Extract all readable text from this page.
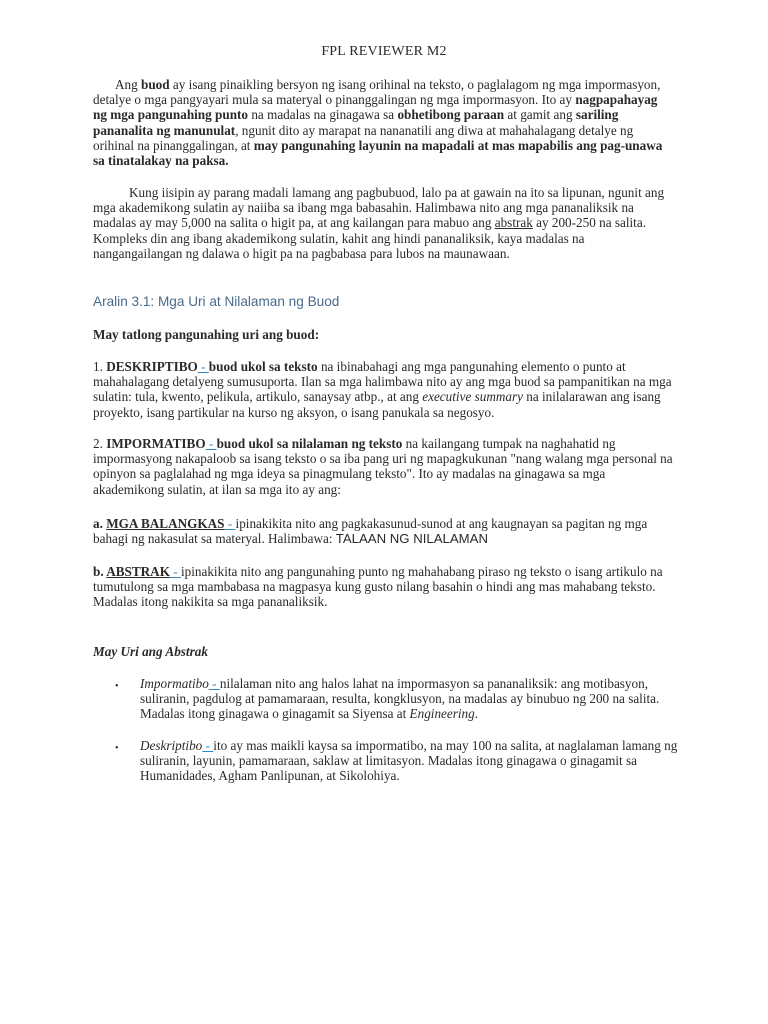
FPL REVIEWER M2

Ang buod ay isang pinaikling bersyon ng isang orihinal na teksto, o paglalagom ng mga impormasyon, detalye o mga pangyayari mula sa materyal o pinanggalingan ng mga impormasyon. Ito ay nagpapahayag ng mga pangunahing punto na madalas na ginagawa sa obhetibong paraan at gamit ang sariling pananalita ng manunulat, ngunit dito ay marapat na nananatili ang diwa at mahahalagang detalye ng orihinal na pinanggalingan, at may pangunahing layunin na mapadali at mas mapabilis ang pag-unawa sa tinatalakay na paksa.

Kung iisipin ay parang madali lamang ang pagbubuod, lalo pa at gawain na ito sa lipunan, ngunit ang mga akademikong sulatin ay naiiba sa ibang mga babasahin. Halimbawa nito ang mga pananaliksik na madalas ay may 5,000 na salita o higit pa, at ang kailangan para mabuo ang abstrak ay 200-250 na salita. Kompleks din ang ibang akademikong sulatin, kahit ang hindi pananaliksik, kaya madalas na nangangailangan ng dalawa o higit pa na pagbabasa para lubos na maunawaan.

Aralin 3.1: Mga Uri at Nilalaman ng Buod

May tatlong pangunahing uri ang buod:

1. DESKRIPTIBO - buod ukol sa teksto na ibinabahagi ang mga pangunahing elemento o punto at mahahalagang detalyeng sumusuporta. Ilan sa mga halimbawa nito ay ang mga buod sa pampanitikan na mga sulatin: tula, kwento, pelikula, artikulo, sanaysay atbp., at ang executive summary na inilalarawan ang isang proyekto, isang partikular na kurso ng aksyon, o isang panukala sa negosyo.

2. IMPORMATIBO - buod ukol sa nilalaman ng teksto na kailangang tumpak na naghahatid ng impormasyong nakapaloob sa isang teksto o sa iba pang uri ng mapagkukunan "nang walang mga personal na opinyon sa paglalahad ng mga ideya sa pinagmulang teksto". Ito ay madalas na ginagawa sa mga akademikong sulatin, at ilan sa mga ito ay ang:

a. MGA BALANGKAS - ipinakikita nito ang pagkakasunud-sunod at ang kaugnayan sa pagitan ng mga bahagi ng nakasulat sa materyal. Halimbawa: TALAAN NG NILALAMAN

b. ABSTRAK - ipinakikita nito ang pangunahing punto ng mahahabang piraso ng teksto o isang artikulo na tumutulong sa mga mambabasa na magpasya kung gusto nilang basahin o hindi ang mas mahabang teksto. Madalas itong nakikita sa mga pananaliksik.

May Uri ang Abstrak

• Impormatibo - nilalaman nito ang halos lahat na impormasyon sa pananaliksik: ang motibasyon, suliranin, pagdulog at pamamaraan, resulta, kongklusyon, na madalas ay binubuo ng 200 na salita. Madalas itong ginagawa o ginagamit sa Siyensa at Engineering.

• Deskriptibo - ito ay mas maikli kaysa sa impormatibo, na may 100 na salita, at naglalaman lamang ng suliranin, layunin, pamamaraan, saklaw at limitasyon. Madalas itong ginagawa o ginagamit sa Humanidades, Agham Panlipunan, at Sikolohiya.
